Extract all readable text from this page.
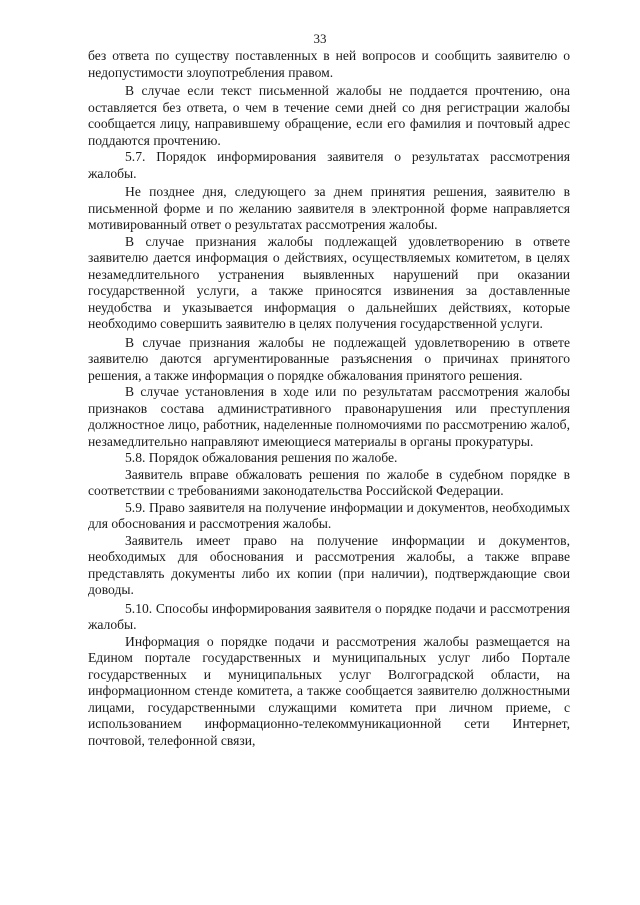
33

без ответа по существу поставленных в ней вопросов и сообщить заявителю о недопустимости злоупотребления правом.

В случае если текст письменной жалобы не поддается прочтению, она оставляется без ответа, о чем в течение семи дней со дня регистрации жалобы сообщается лицу, направившему обращение, если его фамилия и почтовый адрес поддаются прочтению.

5.7. Порядок информирования заявителя о результатах рассмотрения жалобы.

Не позднее дня, следующего за днем принятия решения, заявителю в письменной форме и по желанию заявителя в электронной форме направляется мотивированный ответ о результатах рассмотрения жалобы.

В случае признания жалобы подлежащей удовлетворению в ответе заявителю дается информация о действиях, осуществляемых комитетом, в целях незамедлительного устранения выявленных нарушений при оказании государственной услуги, а также приносятся извинения за доставленные неудобства и указывается информация о дальнейших действиях, которые необходимо совершить заявителю в целях получения государственной услуги.

В случае признания жалобы не подлежащей удовлетворению в ответе заявителю даются аргументированные разъяснения о причинах принятого решения, а также информация о порядке обжалования принятого решения.

В случае установления в ходе или по результатам рассмотрения жалобы признаков состава административного правонарушения или преступления должностное лицо, работник, наделенные полномочиями по рассмотрению жалоб, незамедлительно направляют имеющиеся материалы в органы прокуратуры.

5.8. Порядок обжалования решения по жалобе.

Заявитель вправе обжаловать решения по жалобе в судебном порядке в соответствии с требованиями законодательства Российской Федерации.

5.9. Право заявителя на получение информации и документов, необходимых для обоснования и рассмотрения жалобы.

Заявитель имеет право на получение информации и документов, необходимых для обоснования и рассмотрения жалобы, а также вправе представлять документы либо их копии (при наличии), подтверждающие свои доводы.

5.10. Способы информирования заявителя о порядке подачи и рассмотрения жалобы.

Информация о порядке подачи и рассмотрения жалобы размещается на Едином портале государственных и муниципальных услуг либо Портале государственных и муниципальных услуг Волгоградской области, на информационном стенде комитета, а также сообщается заявителю должностными лицами, государственными служащими комитета при личном приеме, с использованием информационно-телекоммуникационной сети Интернет, почтовой, телефонной связи,
